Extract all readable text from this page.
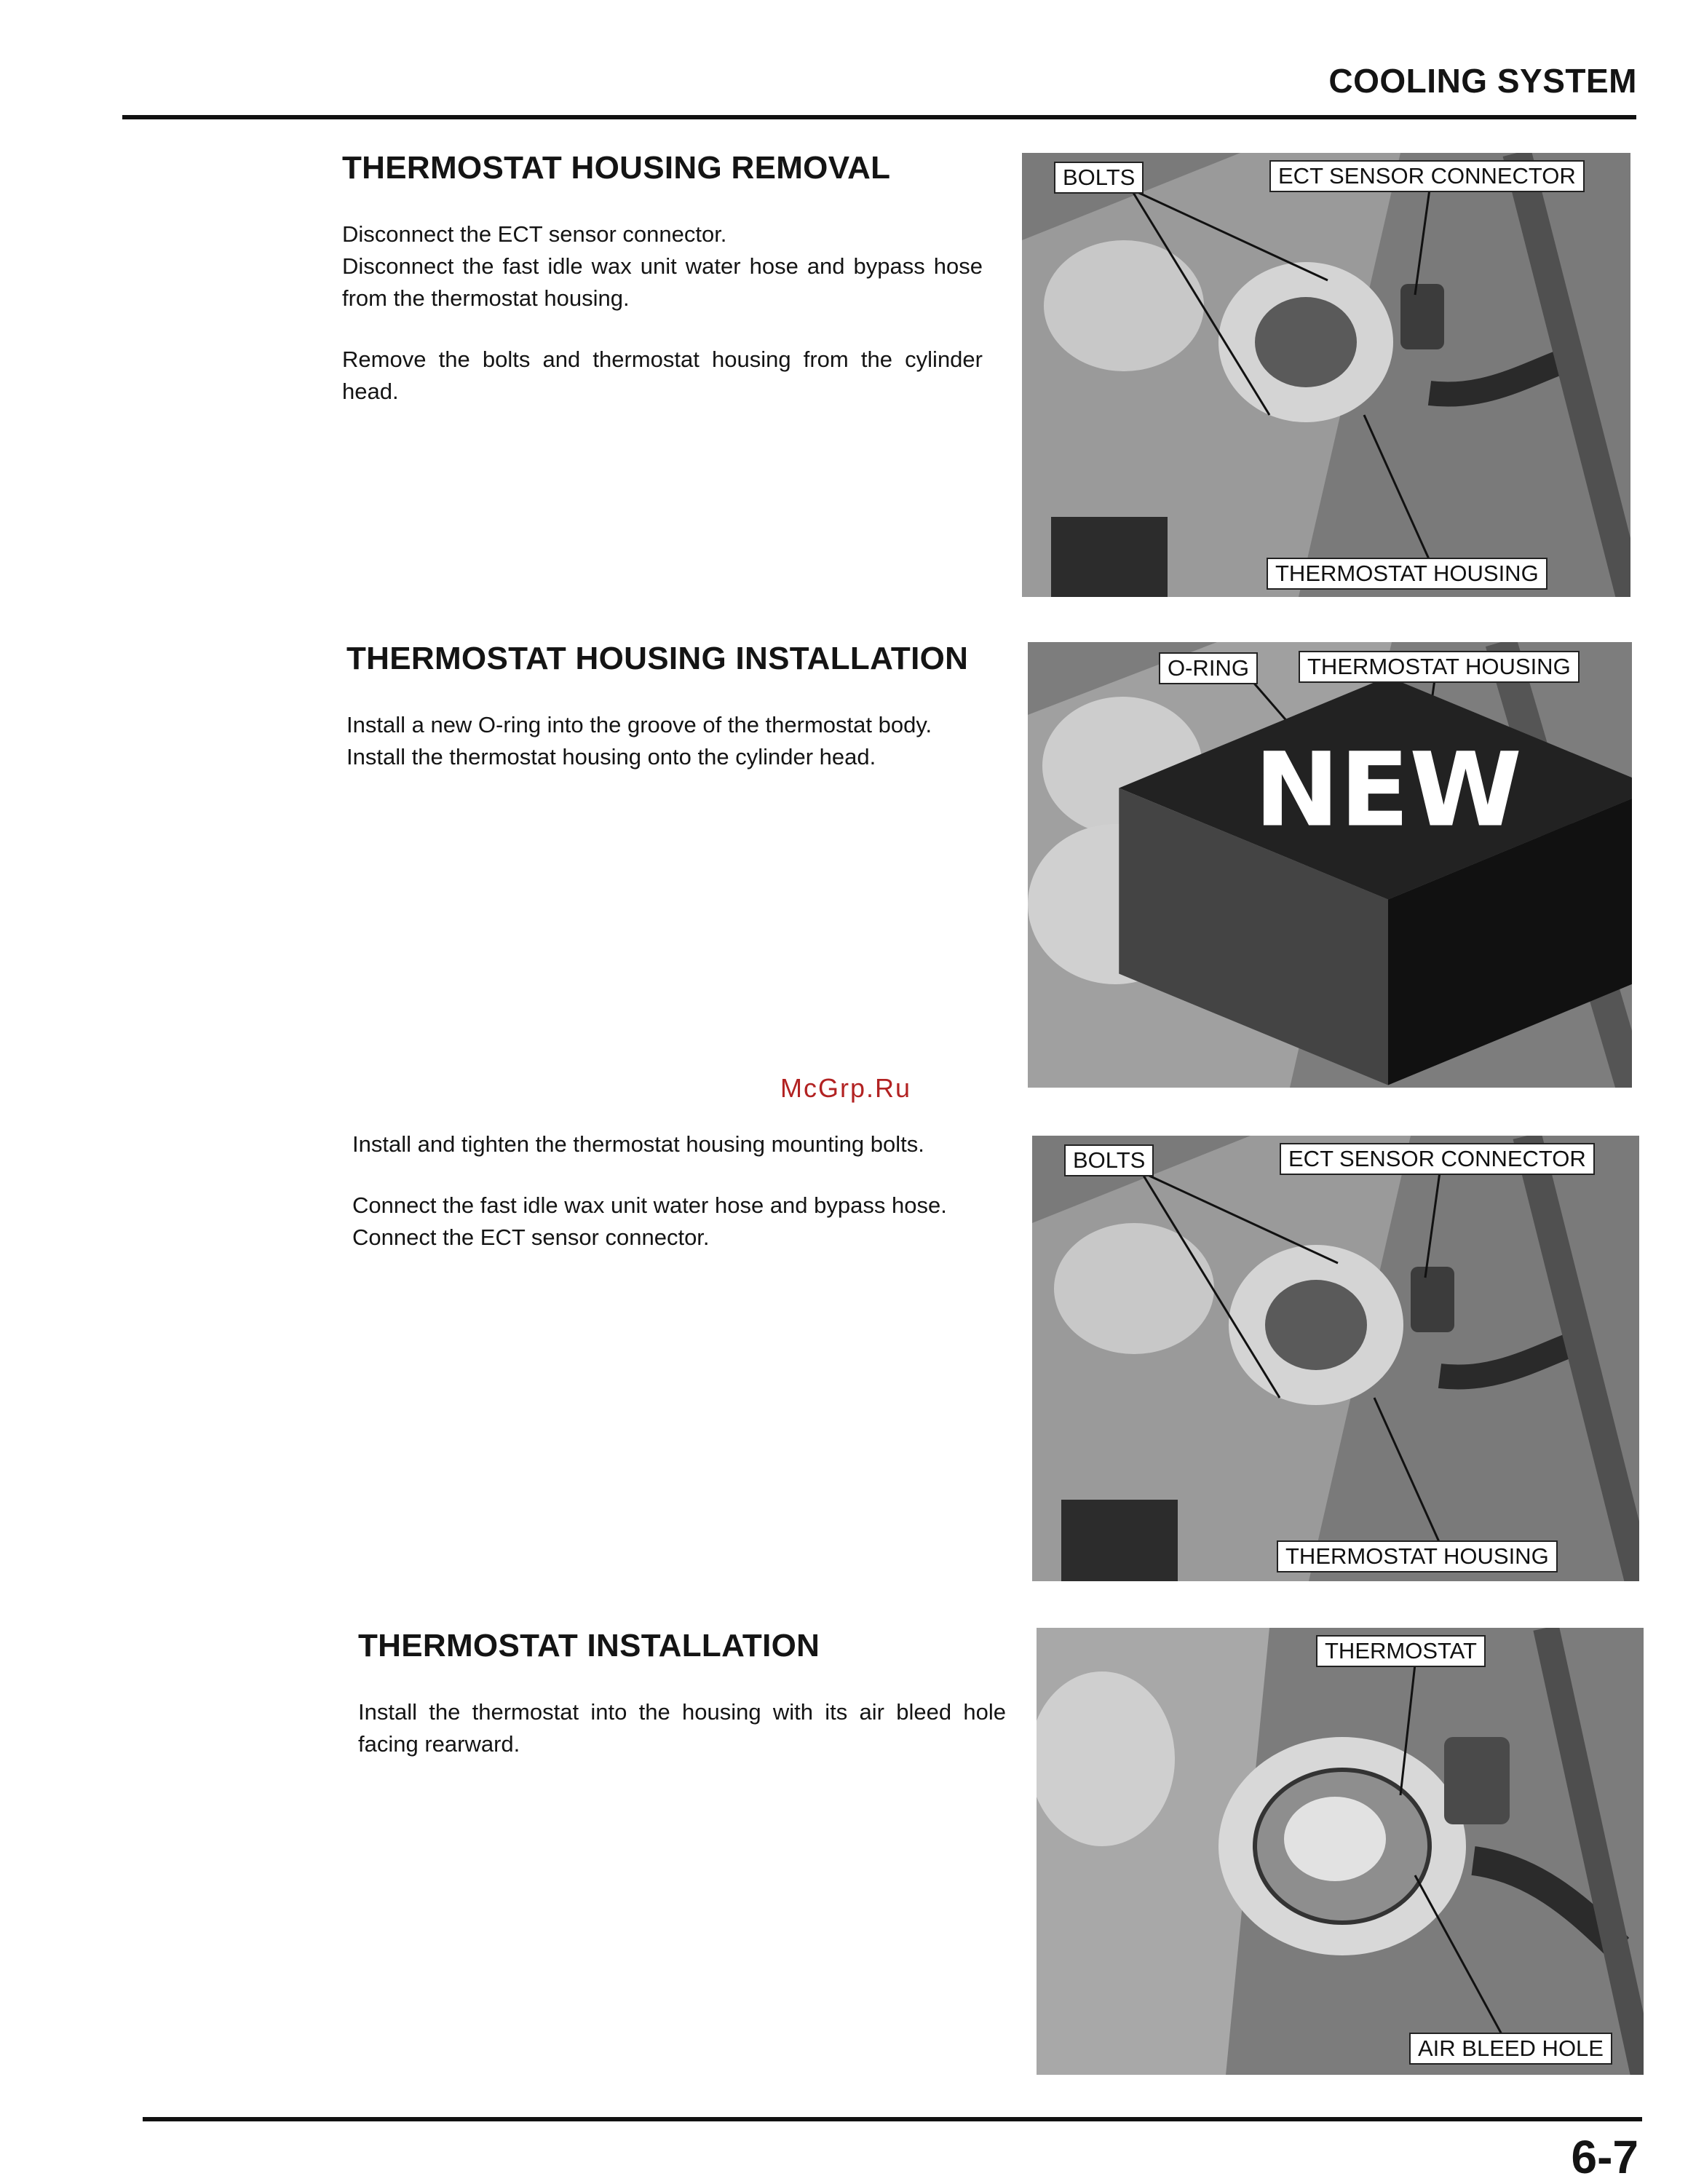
COOLING SYSTEM
THERMOSTAT HOUSING REMOVAL

Disconnect the ECT sensor connector.
Disconnect the fast idle wax unit water hose and bypass hose from the thermostat housing.

Remove the bolts and thermostat housing from the cylinder head.

BOLTS	ECT SENSOR CONNECTOR
THERMOSTAT HOUSING
THERMOSTAT HOUSING INSTALLATION

Install a new O-ring into the groove of the thermostat body.
Install the thermostat housing onto the cylinder head.	NEW
O-RING	THERMOSTAT HOUSING
McGrp.Ru

Install and tighten the thermostat housing mounting bolts.

Connect the fast idle wax unit water hose and bypass hose.
Connect the ECT sensor connector.

BOLTS	ECT SENSOR CONNECTOR
THERMOSTAT HOUSING
THERMOSTAT INSTALLATION

Install the thermostat into the housing with its air bleed hole facing rearward.

THERMOSTAT
AIR BLEED HOLE
6-7
